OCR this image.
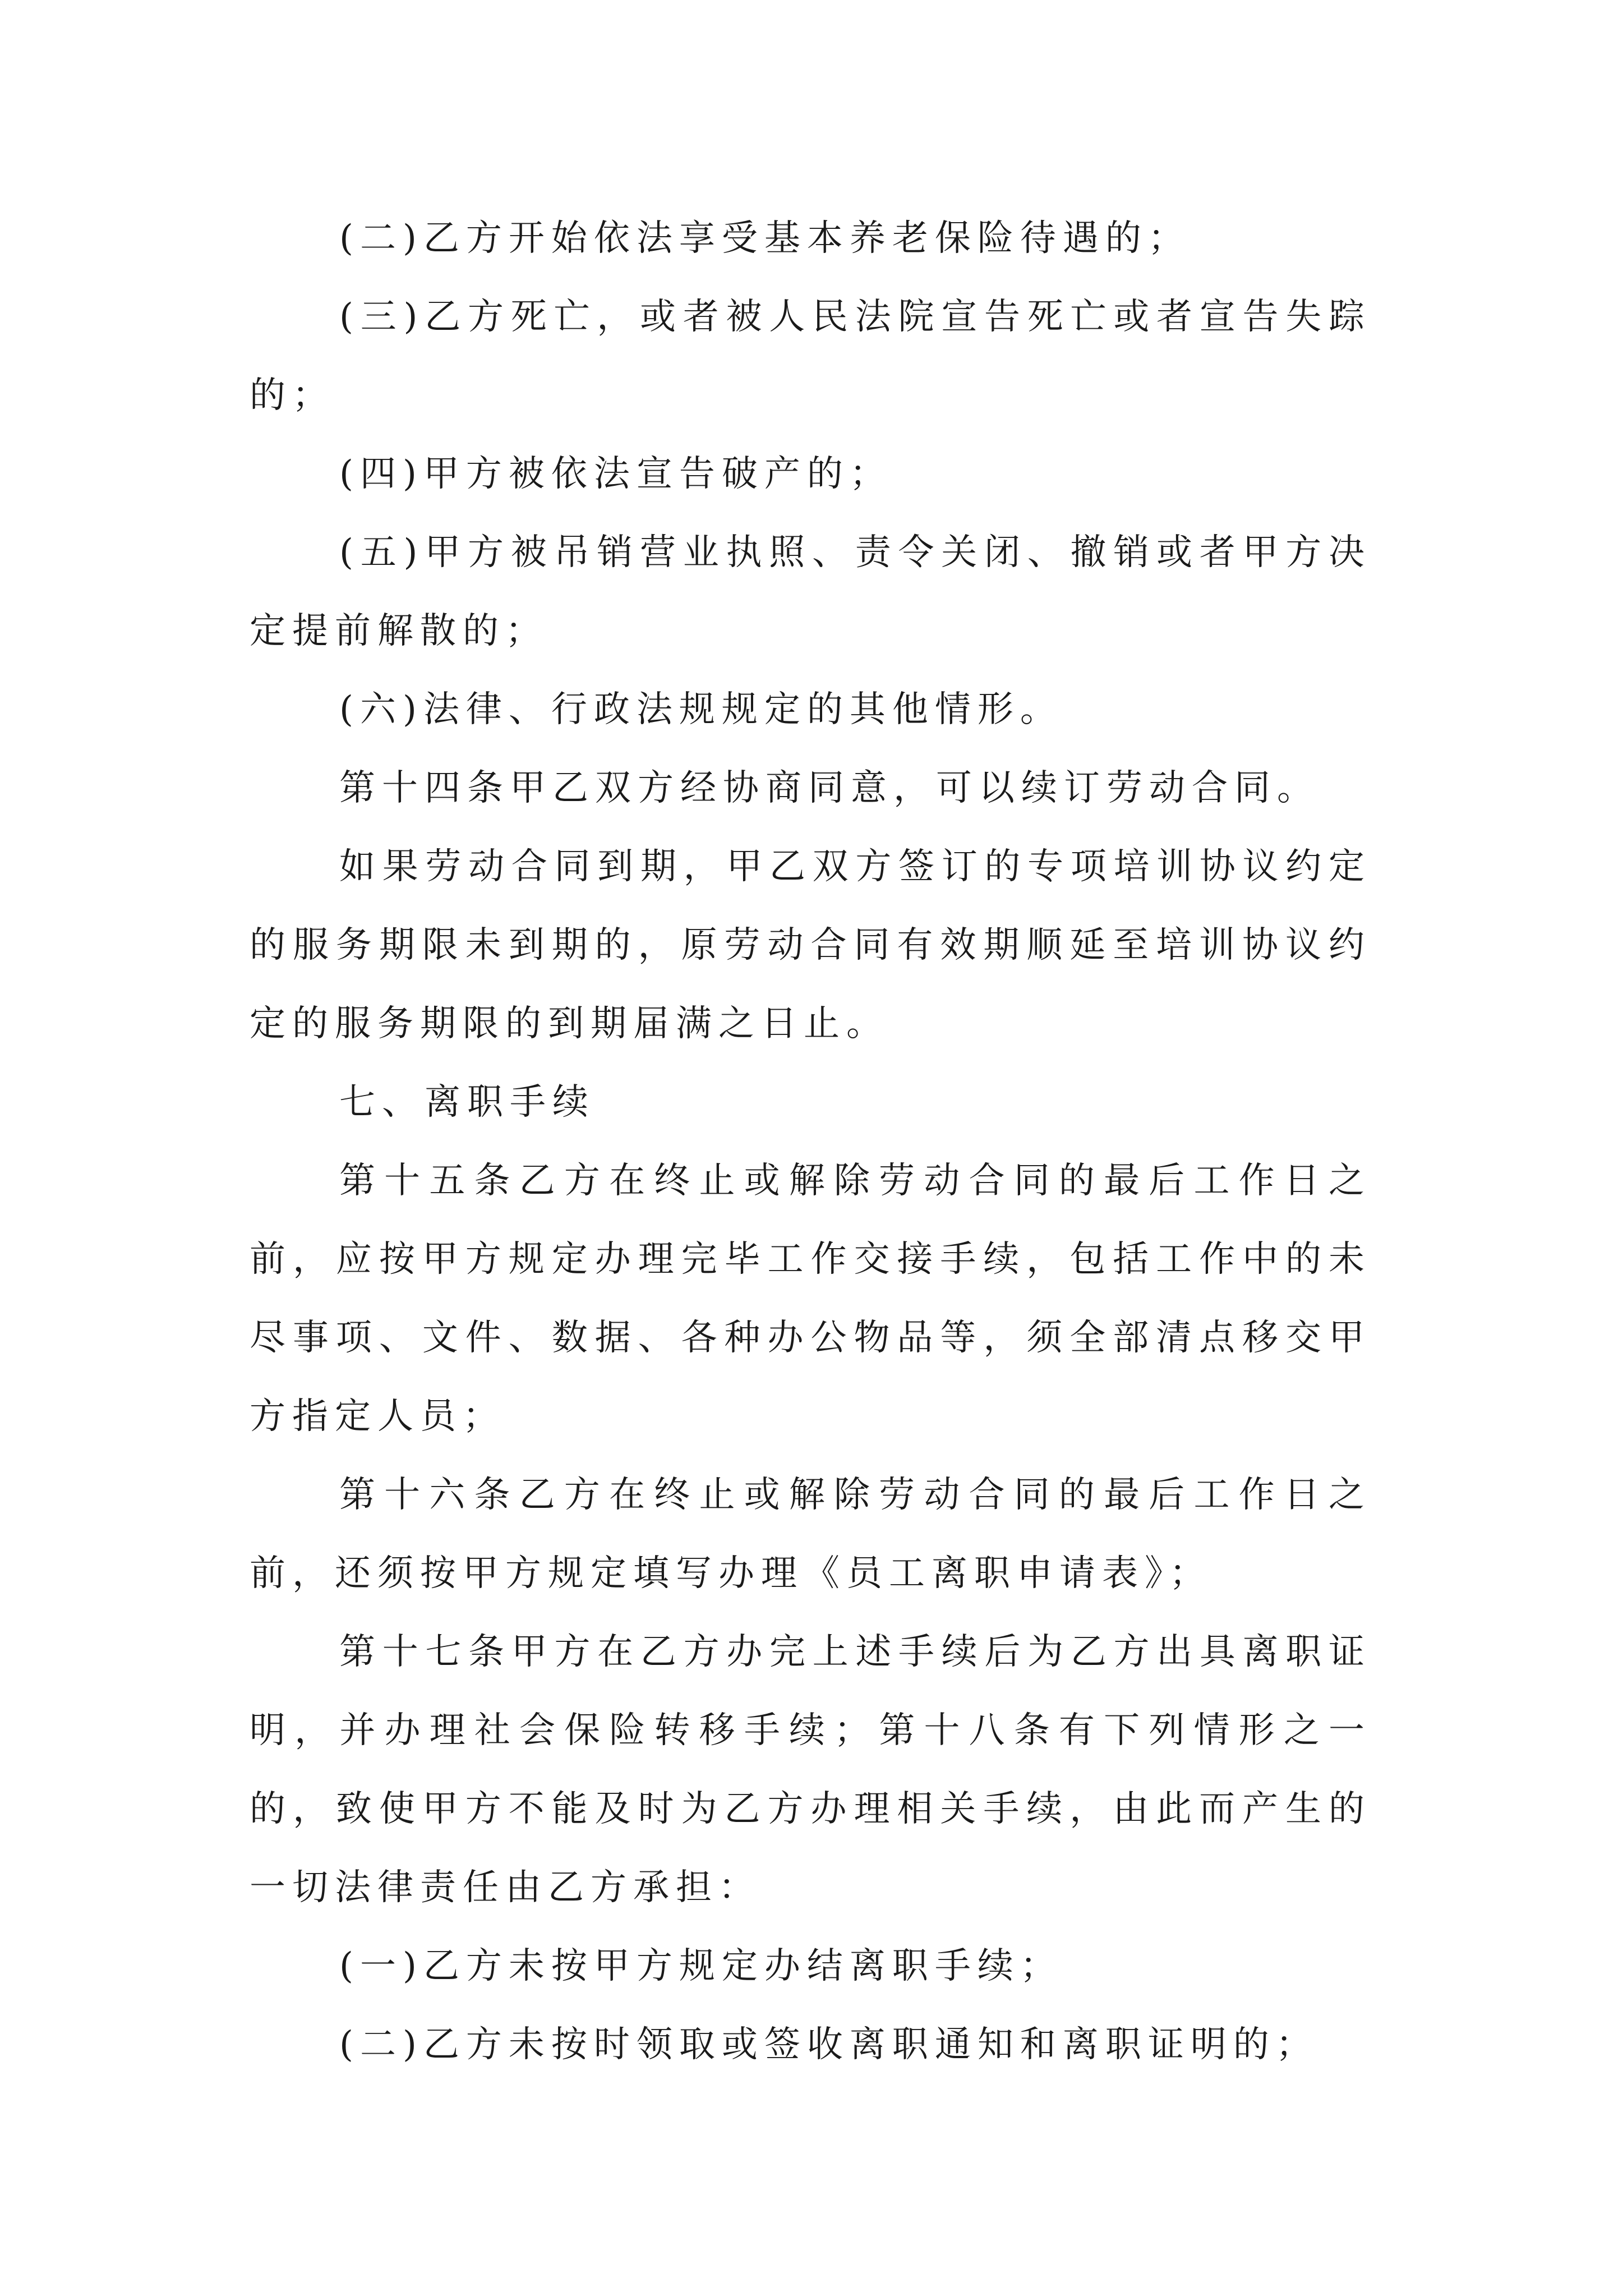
(二)乙方开始依法享受基本养老保险待遇的；

(三)乙方死亡，或者被人民法院宣告死亡或者宣告失踪的；

(四)甲方被依法宣告破产的；

(五)甲方被吊销营业执照、责令关闭、撤销或者甲方决定提前解散的；

(六)法律、行政法规规定的其他情形。

第十四条甲乙双方经协商同意，可以续订劳动合同。

如果劳动合同到期，甲乙双方签订的专项培训协议约定的服务期限未到期的，原劳动合同有效期顺延至培训协议约定的服务期限的到期届满之日止。

七、离职手续

第十五条乙方在终止或解除劳动合同的最后工作日之前，应按甲方规定办理完毕工作交接手续，包括工作中的未尽事项、文件、数据、各种办公物品等，须全部清点移交甲方指定人员；

第十六条乙方在终止或解除劳动合同的最后工作日之前，还须按甲方规定填写办理《员工离职申请表》；

第十七条甲方在乙方办完上述手续后为乙方出具离职证明，并办理社会保险转移手续；第十八条有下列情形之一的，致使甲方不能及时为乙方办理相关手续，由此而产生的一切法律责任由乙方承担：

(一)乙方未按甲方规定办结离职手续；

(二)乙方未按时领取或签收离职通知和离职证明的；
